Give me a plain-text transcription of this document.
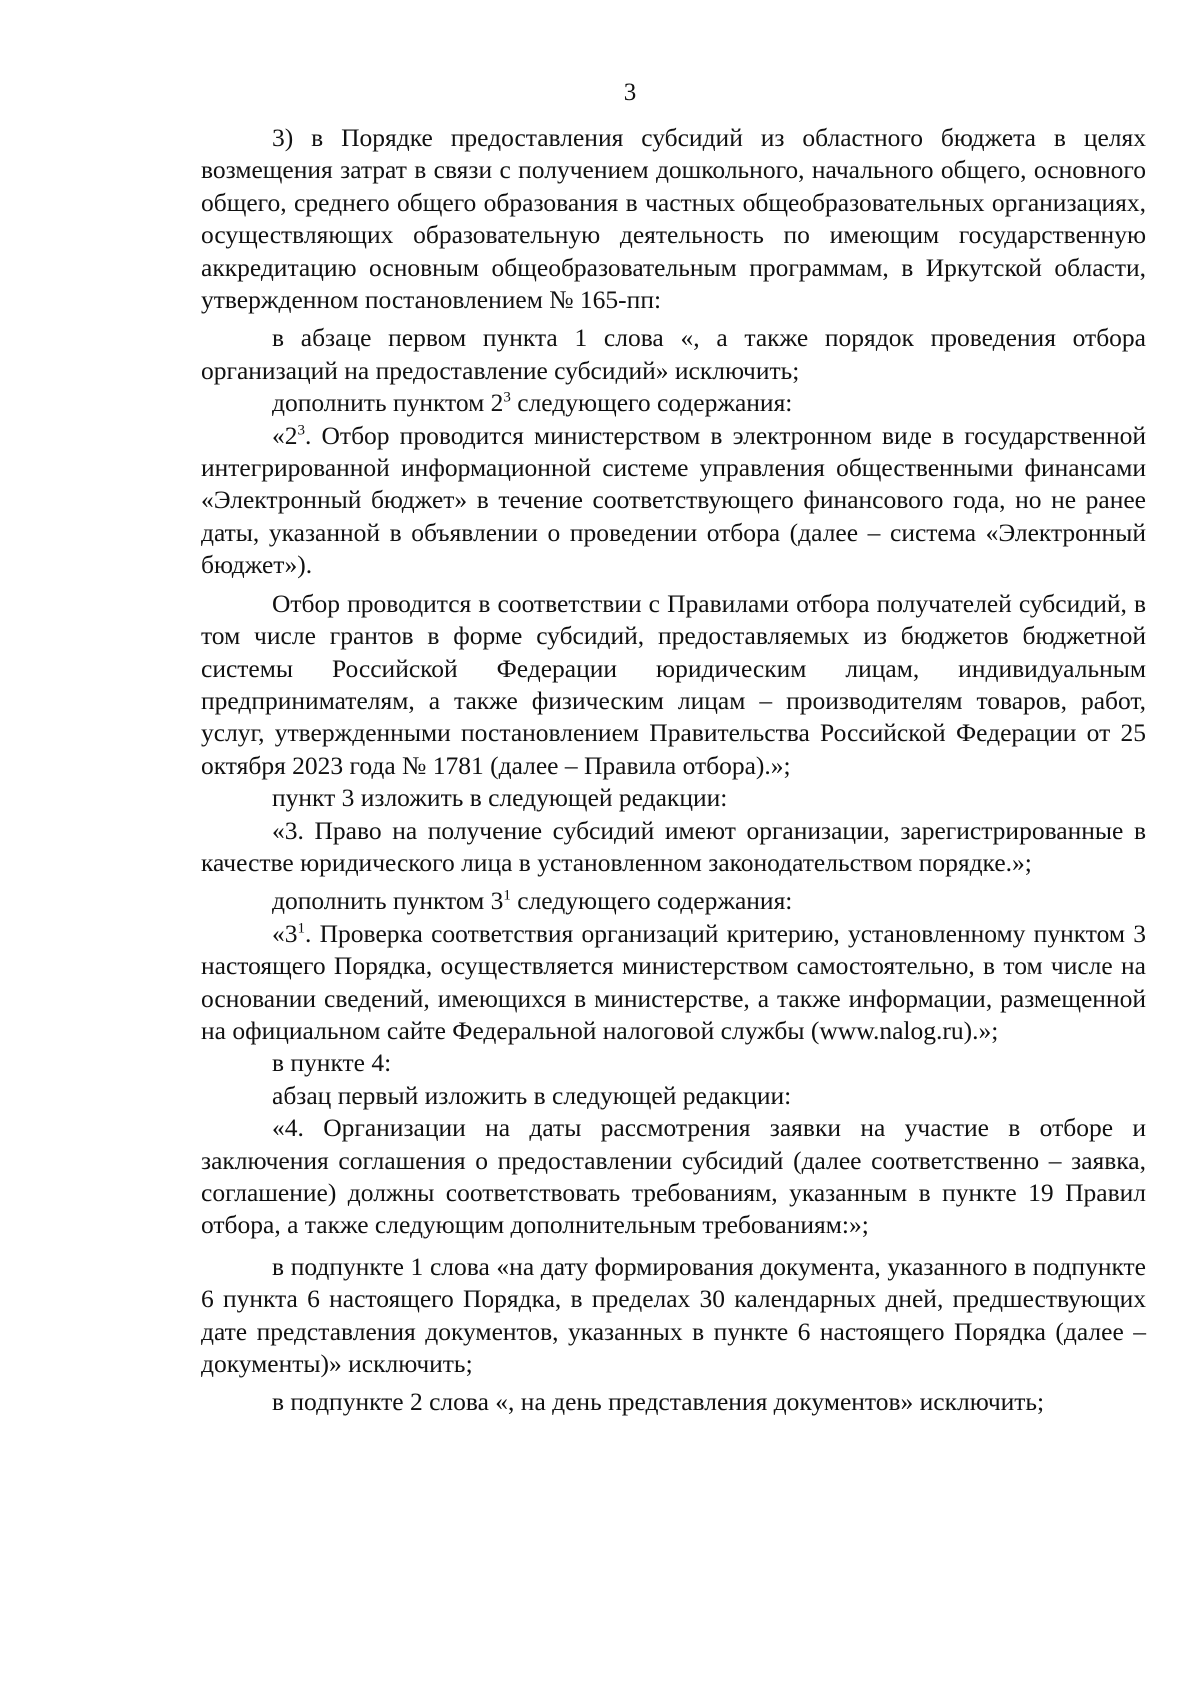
3

3) в Порядке предоставления субсидий из областного бюджета в целях возмещения затрат в связи с получением дошкольного, начального общего, основного общего, среднего общего образования в частных общеобразовательных организациях, осуществляющих образовательную деятельность по имеющим государственную аккредитацию основным общеобразовательным программам, в Иркутской области, утвержденном постановлением № 165-пп:

в абзаце первом пункта 1 слова «, а также порядок проведения отбора организаций на предоставление субсидий» исключить;

дополнить пунктом $2^3$ следующего содержания:

«$2^3$. Отбор проводится министерством в электронном виде в государственной интегрированной информационной системе управления общественными финансами «Электронный бюджет» в течение соответствующего финансового года, но не ранее даты, указанной в объявлении о проведении отбора (далее – система «Электронный бюджет»).

Отбор проводится в соответствии с Правилами отбора получателей субсидий, в том числе грантов в форме субсидий, предоставляемых из бюджетов бюджетной системы Российской Федерации юридическим лицам, индивидуальным предпринимателям, а также физическим лицам – производителям товаров, работ, услуг, утвержденными постановлением Правительства Российской Федерации от 25 октября 2023 года № 1781 (далее – Правила отбора).»;

пункт 3 изложить в следующей редакции:

«3. Право на получение субсидий имеют организации, зарегистрированные в качестве юридического лица в установленном законодательством порядке.»;

дополнить пунктом $3^1$ следующего содержания:

«$3^1$. Проверка соответствия организаций критерию, установленному пунктом 3 настоящего Порядка, осуществляется министерством самостоятельно, в том числе на основании сведений, имеющихся в министерстве, а также информации, размещенной на официальном сайте Федеральной налоговой службы (www.nalog.ru).»;

в пункте 4:

абзац первый изложить в следующей редакции:

«4. Организации на даты рассмотрения заявки на участие в отборе и заключения соглашения о предоставлении субсидий (далее соответственно – заявка, соглашение) должны соответствовать требованиям, указанным в пункте 19 Правил отбора, а также следующим дополнительным требованиям:»;

в подпункте 1 слова «на дату формирования документа, указанного в подпункте 6 пункта 6 настоящего Порядка, в пределах 30 календарных дней, предшествующих дате представления документов, указанных в пункте 6 настоящего Порядка (далее – документы)» исключить;

в подпункте 2 слова «, на день представления документов» исключить;
